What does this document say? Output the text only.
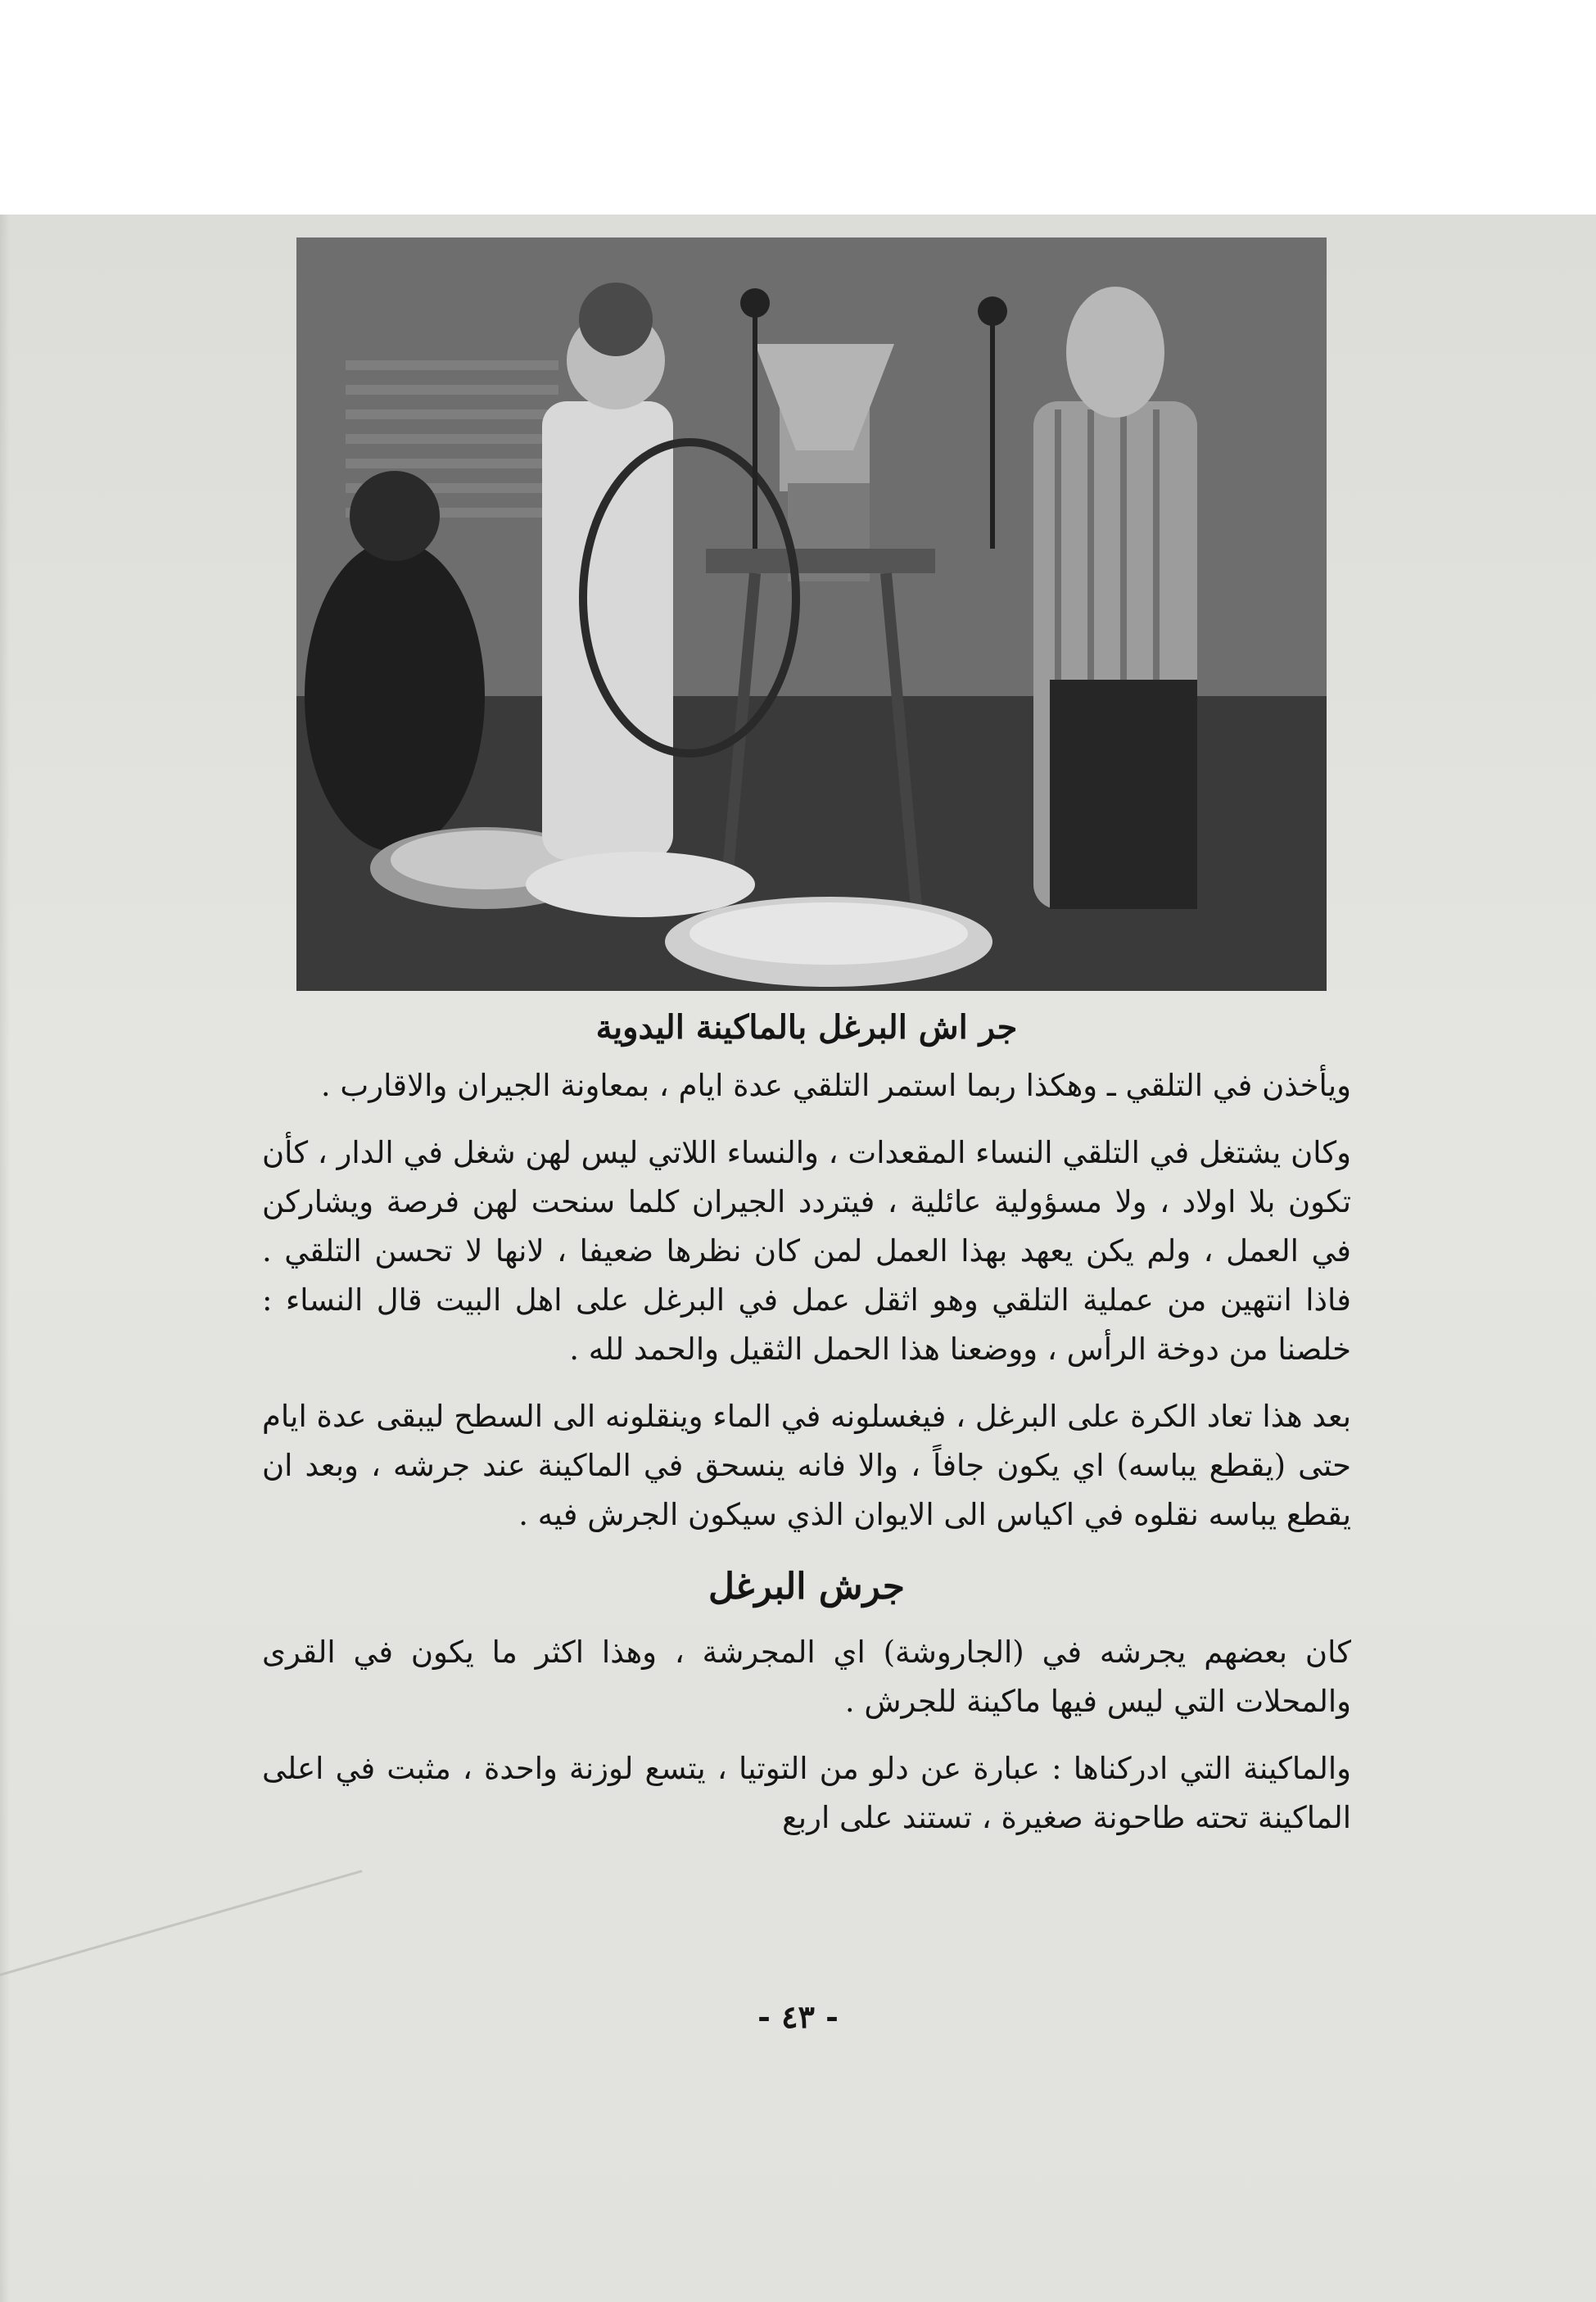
جر اش البرغل بالماكينة اليدوية

ويأخذن في التلقي ـ وهكذا ربما استمر التلقي عدة ايام ، بمعاونة الجيران والاقارب .

وكان يشتغل في التلقي النساء المقعدات ، والنساء اللاتي ليس لهن شغل في الدار ، كأن تكون بلا اولاد ، ولا مسؤولية عائلية ، فيتردد الجيران كلما سنحت لهن فرصة ويشاركن في العمل ، ولم يكن يعهد بهذا العمل لمن كان نظرها ضعيفا ، لانها لا تحسن التلقي . فاذا انتهين من عملية التلقي وهو اثقل عمل في البرغل على اهل البيت قال النساء : خلصنا من دوخة الرأس ، ووضعنا هذا الحمل الثقيل والحمد لله .

بعد هذا تعاد الكرة على البرغل ، فيغسلونه في الماء وينقلونه الى السطح ليبقى عدة ايام حتى (يقطع يباسه) اي يكون جافاً ، والا فانه ينسحق في الماكينة عند جرشه ، وبعد ان يقطع يباسه نقلوه في اكياس الى الايوان الذي سيكون الجرش فيه .

جرش البرغل

كان بعضهم يجرشه في (الجاروشة) اي المجرشة ، وهذا اكثر ما يكون في القرى والمحلات التي ليس فيها ماكينة للجرش .

والماكينة التي ادركناها : عبارة عن دلو من التوتيا ، يتسع لوزنة واحدة ، مثبت في اعلى الماكينة تحته طاحونة صغيرة ، تستند على اربع

- ٤٣ -
